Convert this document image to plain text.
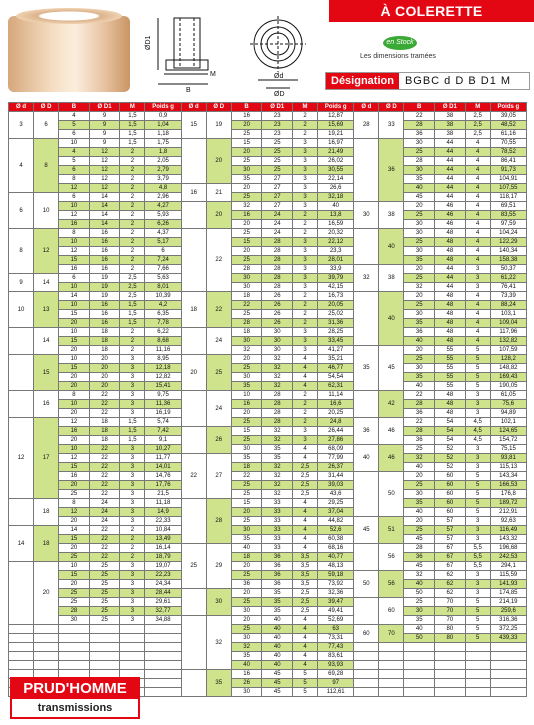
À COLERETTE
ØD1
M
B
Ød
ØD
en Stock
Les dimensions tramées
Désignation	BGBC d D B D1 M
Ø d	Ø D	B	Ø D1	M	Poids g	Ø d	Ø D	B	Ø D1	M	Poids g	Ø d	Ø D	B	Ø D1	M	Poids g
3	6	4	9	1,5	0,9	15	19	16	23	2	12,87	28	33	22	38	2,5	39,05
		5	9	1,5	1,04			20	23	2	15,69			28	38	2,5	48,52
		6	9	1,5	1,18			25	23	2	19,21			36	38	2,5	61,16
4	8	10	9	1,5	1,75		20	15	25	3	16,97		36	30	44	4	70,55
		4	12	2	1,8			20	25	3	21,49			25	44	4	78,52
		5	12	2	2,05			25	25	3	26,02			28	44	4	86,41
		6	12	2	2,79			30	25	3	30,55			30	44	4	91,73
		8	12	2	3,79			35	27	3	22,14			35	44	4	104,91
		12	12	2	4,8	16	21	20	27	3	26,6			40	44	4	107,55
6	10	6	14	2	2,96			25	27	3	32,18			45	44	4	118,17
		10	14	2	4,27		20	32	27	3	40	30	38	20	46	4	69,51
		12	14	2	5,93			16	24	2	13,8			25	46	4	83,55
		16	14	2	6,26			20	24	2	16,59			30	46	4	97,59
8	12	8	16	2	4,37		22	25	24	2	20,32		40	30	48	4	104,24
		10	16	2	5,17			15	28	3	22,12			25	48	4	122,29
		12	16	2	6			20	28	3	23,3			30	48	4	140,34
		15	16	2	7,24			25	28	3	28,01			35	48	4	158,38
		16	16	2	7,66			28	28	3	33,9	32	38	20	44	3	50,37
9	14	6	19	2,5	5,63			30	28	3	39,79			25	44	3	61,22
		10	19	2,5	8,01			30	28	3	42,15			32	44	3	76,41
10	13	14	19	2,5	10,39	18	22	18	26	2	16,73		40	20	48	4	73,39
		10	16	1,5	4,2			22	26	2	20,05			25	48	4	88,24
		15	16	1,5	6,35			25	26	2	25,02			30	48	4	103,1
		20	16	1,5	7,78			28	26	2	31,36			35	48	4	109,04
	14	10	18	2	6,22		24	18	30	3	28,25			36	48	4	117,96
		15	18	2	8,68			30	30	3	33,45			40	48	4	132,82
		20	18	2	11,16			32	30	3	41,27	35	45	20	55	5	107,59
	15	10	20	3	8,95	20	25	20	32	4	35,21			25	55	5	128,2
		15	20	3	12,18			25	32	4	46,77			30	55	5	148,82
		20	20	3	12,82			30	32	4	54,54			35	55	5	169,43
		20	20	3	15,41			35	32	4	62,31			40	55	5	190,05
	16	8	22	3	9,75		24	10	28	2	11,14		42	22	48	3	61,05
		10	22	3	11,36			16	28	2	16,6			28	48	3	75,6
		20	22	3	16,19			20	28	2	20,25			36	48	3	94,89
12	17	12	18	1,5	5,74			25	28	2	24,8	36	46	22	54	4,5	102,1
		16	18	1,5	7,42		26	15	32	3	26,44			28	54	4,5	124,65
		20	18	1,5	9,1			25	32	3	27,86			36	54	4,5	154,72
		10	22	3	10,27			30	35	4	68,09	40	46	25	52	3	75,15
		12	22	3	11,77	22	27	35	35	4	77,99			32	52	3	93,81
		15	22	3	14,01			18	32	2,5	26,37			40	52	3	115,13
		16	22	3	14,76			22	32	2,5	31,44		50	20	60	5	143,34
		20	22	3	17,76			25	32	2,5	39,03			25	60	5	166,53
		25	22	3	21,5			25	32	2,5	43,6			30	60	5	176,8
	18	8	24	3	11,18		28	15	33	4	29,25			35	60	5	189,72
		12	24	3	14,9			20	33	4	37,04			40	60	5	212,91
		20	24	3	22,33			25	33	4	44,82	45	51	20	57	3	92,63
14	18	14	22	2	10,84			30	33	4	52,6			25	57	3	116,49
		15	22	2	13,49			35	33	4	60,38			45	57	3	143,32
		20	22	2	16,14	25	29	40	33	4	68,16		56	28	67	5,5	196,68
		25	22	2	18,79			18	36	3,5	40,77			36	67	5,5	242,53
	20	10	25	3	19,07			20	36	3,5	48,13			45	67	5,5	294,1
		15	25	3	22,23			25	36	3,5	59,18	50	56	32	62	3	115,59
		20	25	3	24,34			36	36	3,5	73,92			40	62	3	141,93
		25	25	3	28,44		30	20	35	2,5	32,36			50	62	3	174,85
		25	25	3	29,61			25	35	2,5	39,47		60	25	70	5	214,19
		28	25	3	32,77			30	35	2,5	49,41			30	70	5	259,6
		30	25	3	34,88		32	20	40	4	52,69			35	70	5	316,36
								25	40	4	63	60	70	40	80	5	372,25
								30	40	4	73,31			50	80	5	439,33
								32	40	4	77,43						
								35	40	4	83,61						
								40	40	4	93,93						
							35	16	45	5	69,28						
								26	45	5	97						
								30	45	5	112,61						
PRUD'HOMME
transmissions
